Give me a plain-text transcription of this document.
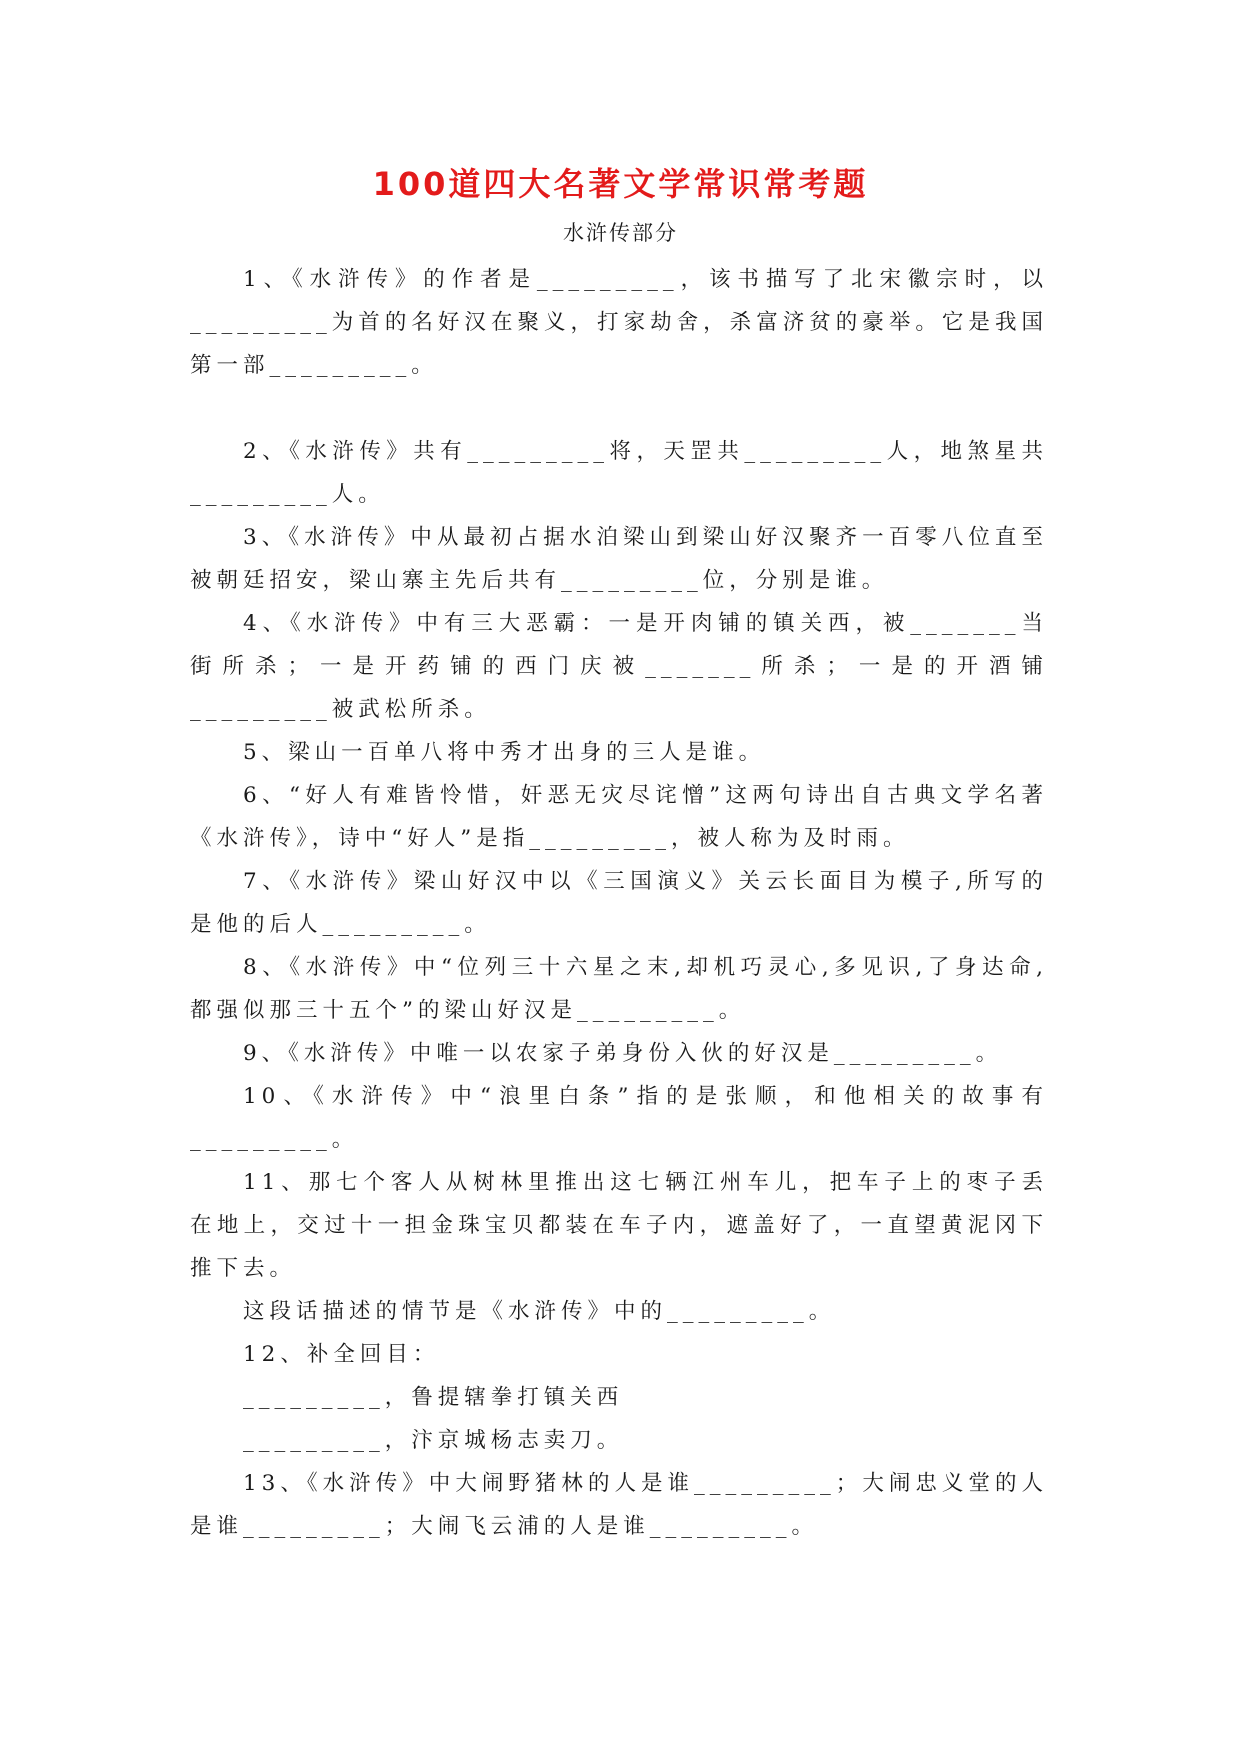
100道四大名著文学常识常考题
水浒传部分

1、《水浒传》的作者是_________，该书描写了北宋徽宗时，以_________为首的名好汉在聚义，打家劫舍，杀富济贫的豪举。它是我国第一部_________。

2、《水浒传》共有_________将，天罡共_________人，地煞星共_________人。

3、《水浒传》中从最初占据水泊梁山到梁山好汉聚齐一百零八位直至被朝廷招安，梁山寨主先后共有_________位，分别是谁。

4、《水浒传》中有三大恶霸：一是开肉铺的镇关西，被_______当街所杀；一是开药铺的西门庆被_______所杀；一是的开酒铺_________被武松所杀。

5、梁山一百单八将中秀才出身的三人是谁。

6、“好人有难皆怜惜，奸恶无灾尽诧憎”这两句诗出自古典文学名著《水浒传》，诗中“好人”是指_________，被人称为及时雨。

7、《水浒传》梁山好汉中以《三国演义》关云长面目为模子,所写的是他的后人_________。

8、《水浒传》中“位列三十六星之末,却机巧灵心,多见识,了身达命,都强似那三十五个”的梁山好汉是_________。

9、《水浒传》中唯一以农家子弟身份入伙的好汉是_________。

10、《水浒传》中“浪里白条”指的是张顺，和他相关的故事有_________。

11、那七个客人从树林里推出这七辆江州车儿，把车子上的枣子丢在地上，交过十一担金珠宝贝都装在车子内，遮盖好了，一直望黄泥冈下推下去。

这段话描述的情节是《水浒传》中的_________。

12、补全回目：

_________，鲁提辖拳打镇关西

_________，汴京城杨志卖刀。

13、《水浒传》中大闹野猪林的人是谁_________；大闹忠义堂的人是谁_________；大闹飞云浦的人是谁_________。
